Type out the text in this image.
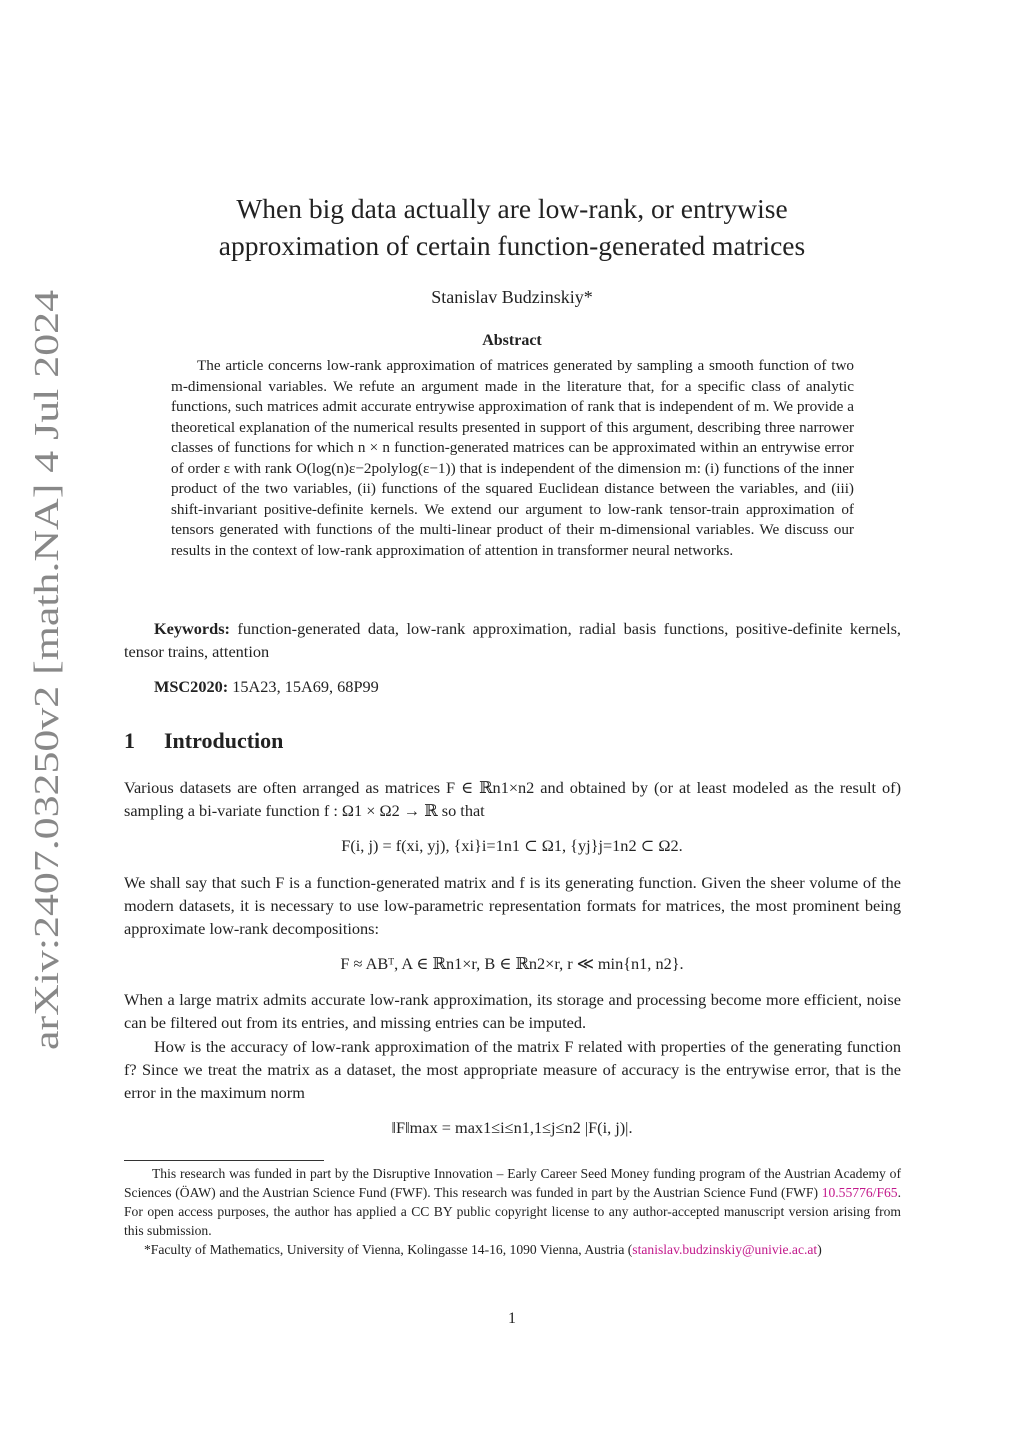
arXiv:2407.03250v2 [math.NA] 4 Jul 2024
When big data actually are low-rank, or entrywise
approximation of certain function-generated matrices
Stanislav Budzinskiy*
Abstract
The article concerns low-rank approximation of matrices generated by sampling a smooth function of two m-dimensional variables. We refute an argument made in the literature that, for a specific class of analytic functions, such matrices admit accurate entrywise approximation of rank that is independent of m. We provide a theoretical explanation of the numerical results presented in support of this argument, describing three narrower classes of functions for which n × n function-generated matrices can be approximated within an entrywise error of order ε with rank O(log(n)ε−2polylog(ε−1)) that is independent of the dimension m: (i) functions of the inner product of the two variables, (ii) functions of the squared Euclidean distance between the variables, and (iii) shift-invariant positive-definite kernels. We extend our argument to low-rank tensor-train approximation of tensors generated with functions of the multi-linear product of their m-dimensional variables. We discuss our results in the context of low-rank approximation of attention in transformer neural networks.
Keywords: function-generated data, low-rank approximation, radial basis functions, positive-definite kernels, tensor trains, attention
MSC2020: 15A23, 15A69, 68P99
1 Introduction
Various datasets are often arranged as matrices F ∈ ℝn1×n2 and obtained by (or at least modeled as the result of) sampling a bi-variate function f : Ω1 × Ω2 → ℝ so that
F(i, j) = f(xi, yj), {xi}i=1n1 ⊂ Ω1, {yj}j=1n2 ⊂ Ω2.
We shall say that such F is a function-generated matrix and f is its generating function. Given the sheer volume of the modern datasets, it is necessary to use low-parametric representation formats for matrices, the most prominent being approximate low-rank decompositions:
F ≈ ABᵀ, A ∈ ℝn1×r, B ∈ ℝn2×r, r ≪ min{n1, n2}.
When a large matrix admits accurate low-rank approximation, its storage and processing become more efficient, noise can be filtered out from its entries, and missing entries can be imputed.
How is the accuracy of low-rank approximation of the matrix F related with properties of the generating function f? Since we treat the matrix as a dataset, the most appropriate measure of accuracy is the entrywise error, that is the error in the maximum norm
‖F‖max = max1≤i≤n1,1≤j≤n2 |F(i, j)|.
This research was funded in part by the Disruptive Innovation – Early Career Seed Money funding program of the Austrian Academy of Sciences (ÖAW) and the Austrian Science Fund (FWF). This research was funded in part by the Austrian Science Fund (FWF) 10.55776/F65. For open access purposes, the author has applied a CC BY public copyright license to any author-accepted manuscript version arising from this submission.
*Faculty of Mathematics, University of Vienna, Kolingasse 14-16, 1090 Vienna, Austria (stanislav.budzinskiy@univie.ac.at)
1
